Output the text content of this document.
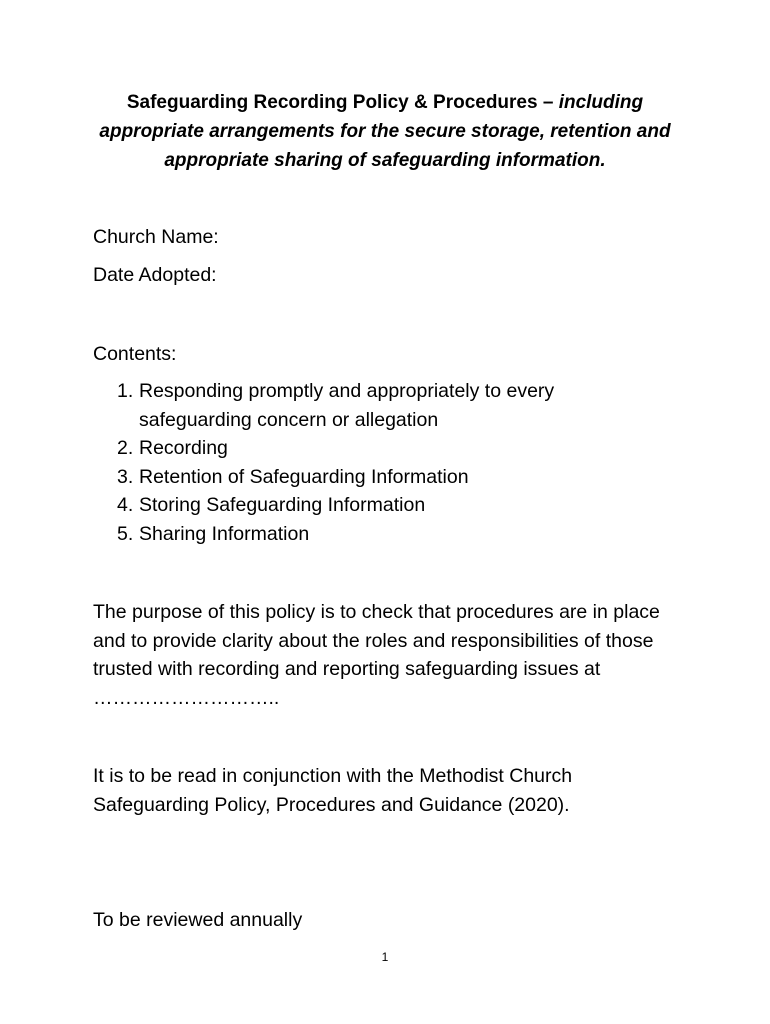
Safeguarding Recording Policy & Procedures – including appropriate arrangements for the secure storage, retention and appropriate sharing of safeguarding information.
Church Name:
Date Adopted:
Contents:
1. Responding promptly and appropriately to every safeguarding concern or allegation
2. Recording
3. Retention of Safeguarding Information
4. Storing Safeguarding Information
5. Sharing Information
The purpose of this policy is to check that procedures are in place and to provide clarity about the roles and responsibilities of those trusted with recording and reporting safeguarding issues at ………………………..
It is to be read in conjunction with the Methodist Church Safeguarding Policy, Procedures and Guidance (2020).
To be reviewed annually
1
